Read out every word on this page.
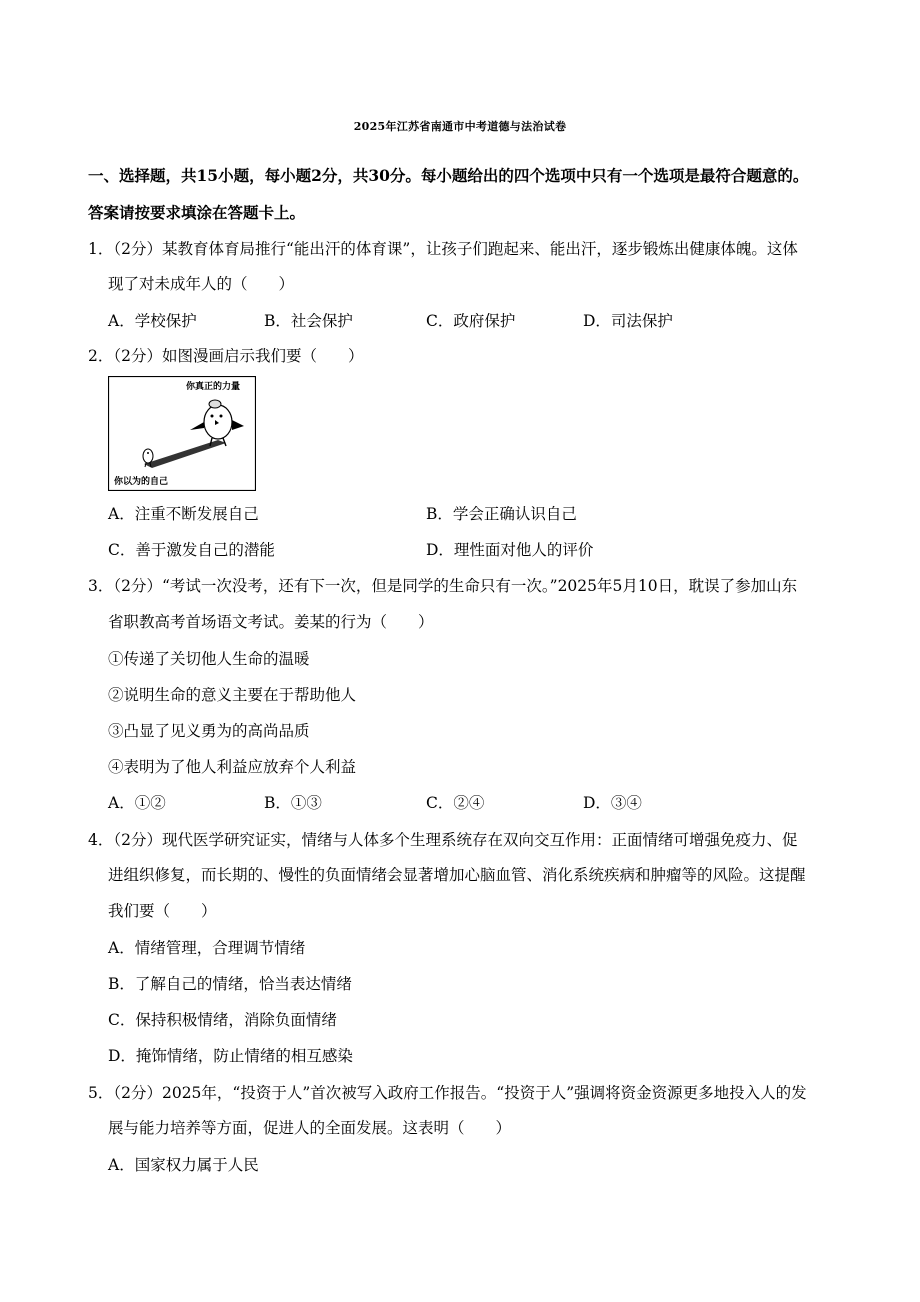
2025年江苏省南通市中考道德与法治试卷
一、选择题，共15小题，每小题2分，共30分。每小题给出的四个选项中只有一个选项是最符合题意的。
答案请按要求填涂在答题卡上。
1．（2分）某教育体育局推行“能出汗的体育课”，让孩子们跑起来、能出汗，逐步锻炼出健康体魄。这体
现了对未成年人的（　　）
A．学校保护	B．社会保护	C．政府保护	D．司法保护
2．（2分）如图漫画启示我们要（　　）
你真正的力量
你以为的自己
A．注重不断发展自己	B．学会正确认识自己
C．善于激发自己的潜能	D．理性面对他人的评价
3．（2分）“考试一次没考，还有下一次，但是同学的生命只有一次。”2025年5月10日，耽误了参加山东
省职教高考首场语文考试。姜某的行为（　　）
①传递了关切他人生命的温暖
②说明生命的意义主要在于帮助他人
③凸显了见义勇为的高尚品质
④表明为了他人利益应放弃个人利益
A．①②	B．①③	C．②④	D．③④
4．（2分）现代医学研究证实，情绪与人体多个生理系统存在双向交互作用：正面情绪可增强免疫力、促
进组织修复，而长期的、慢性的负面情绪会显著增加心脑血管、消化系统疾病和肿瘤等的风险。这提醒
我们要（　　）
A．情绪管理，合理调节情绪
B．了解自己的情绪，恰当表达情绪
C．保持积极情绪，消除负面情绪
D．掩饰情绪，防止情绪的相互感染
5．（2分）2025年，“投资于人”首次被写入政府工作报告。“投资于人”强调将资金资源更多地投入人的发
展与能力培养等方面，促进人的全面发展。这表明（　　）
A．国家权力属于人民
